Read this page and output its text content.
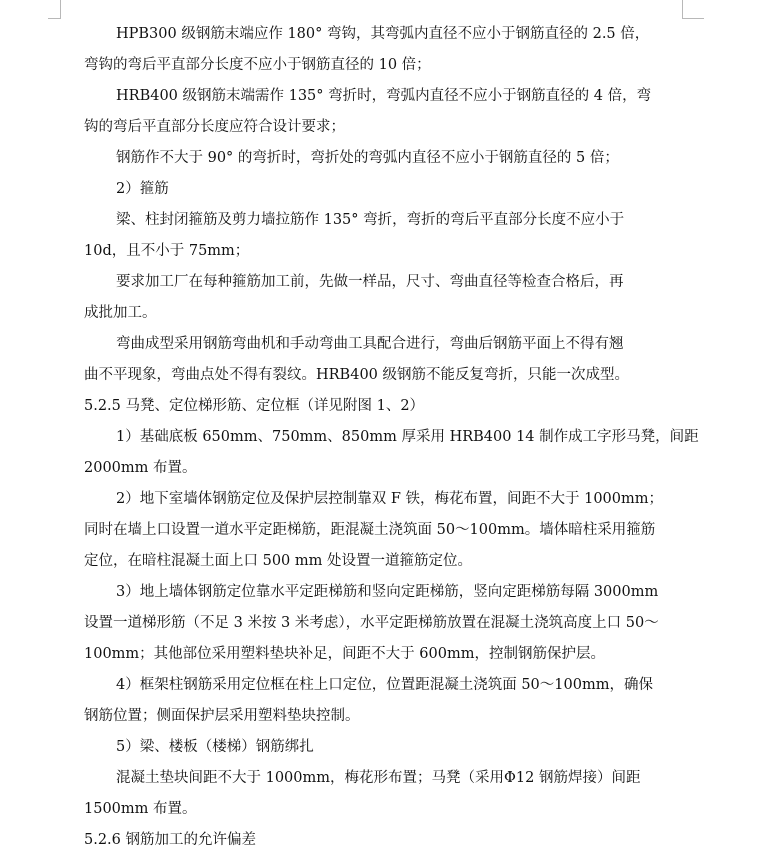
HPB300 级钢筋末端应作 180° 弯钩，其弯弧内直径不应小于钢筋直径的 2.5 倍，
弯钩的弯后平直部分长度不应小于钢筋直径的 10 倍；
HRB400 级钢筋末端需作 135° 弯折时，弯弧内直径不应小于钢筋直径的 4 倍，弯
钩的弯后平直部分长度应符合设计要求；
钢筋作不大于 90° 的弯折时，弯折处的弯弧内直径不应小于钢筋直径的 5 倍；
2）箍筋
梁、柱封闭箍筋及剪力墙拉筋作 135° 弯折，弯折的弯后平直部分长度不应小于
10d，且不小于 75mm；
要求加工厂在每种箍筋加工前，先做一样品，尺寸、弯曲直径等检查合格后，再
成批加工。
弯曲成型采用钢筋弯曲机和手动弯曲工具配合进行，弯曲后钢筋平面上不得有翘
曲不平现象，弯曲点处不得有裂纹。HRB400 级钢筋不能反复弯折，只能一次成型。
5.2.5 马凳、定位梯形筋、定位框（详见附图 1、2）
1）基础底板 650mm、750mm、850mm 厚采用 HRB400 14 制作成工字形马凳，间距
2000mm 布置。
2）地下室墙体钢筋定位及保护层控制靠双 F 铁，梅花布置，间距不大于 1000mm；
同时在墙上口设置一道水平定距梯筋，距混凝土浇筑面 50～100mm。墙体暗柱采用箍筋
定位，在暗柱混凝土面上口 500 mm 处设置一道箍筋定位。
3）地上墙体钢筋定位靠水平定距梯筋和竖向定距梯筋，竖向定距梯筋每隔 3000mm
设置一道梯形筋（不足 3 米按 3 米考虑），水平定距梯筋放置在混凝土浇筑高度上口 50～
100mm；其他部位采用塑料垫块补足，间距不大于 600mm，控制钢筋保护层。
4）框架柱钢筋采用定位框在柱上口定位，位置距混凝土浇筑面 50～100mm，确保
钢筋位置；侧面保护层采用塑料垫块控制。
5）梁、楼板（楼梯）钢筋绑扎
混凝土垫块间距不大于 1000mm，梅花形布置；马凳（采用Φ12 钢筋焊接）间距
1500mm 布置。
5.2.6 钢筋加工的允许偏差
